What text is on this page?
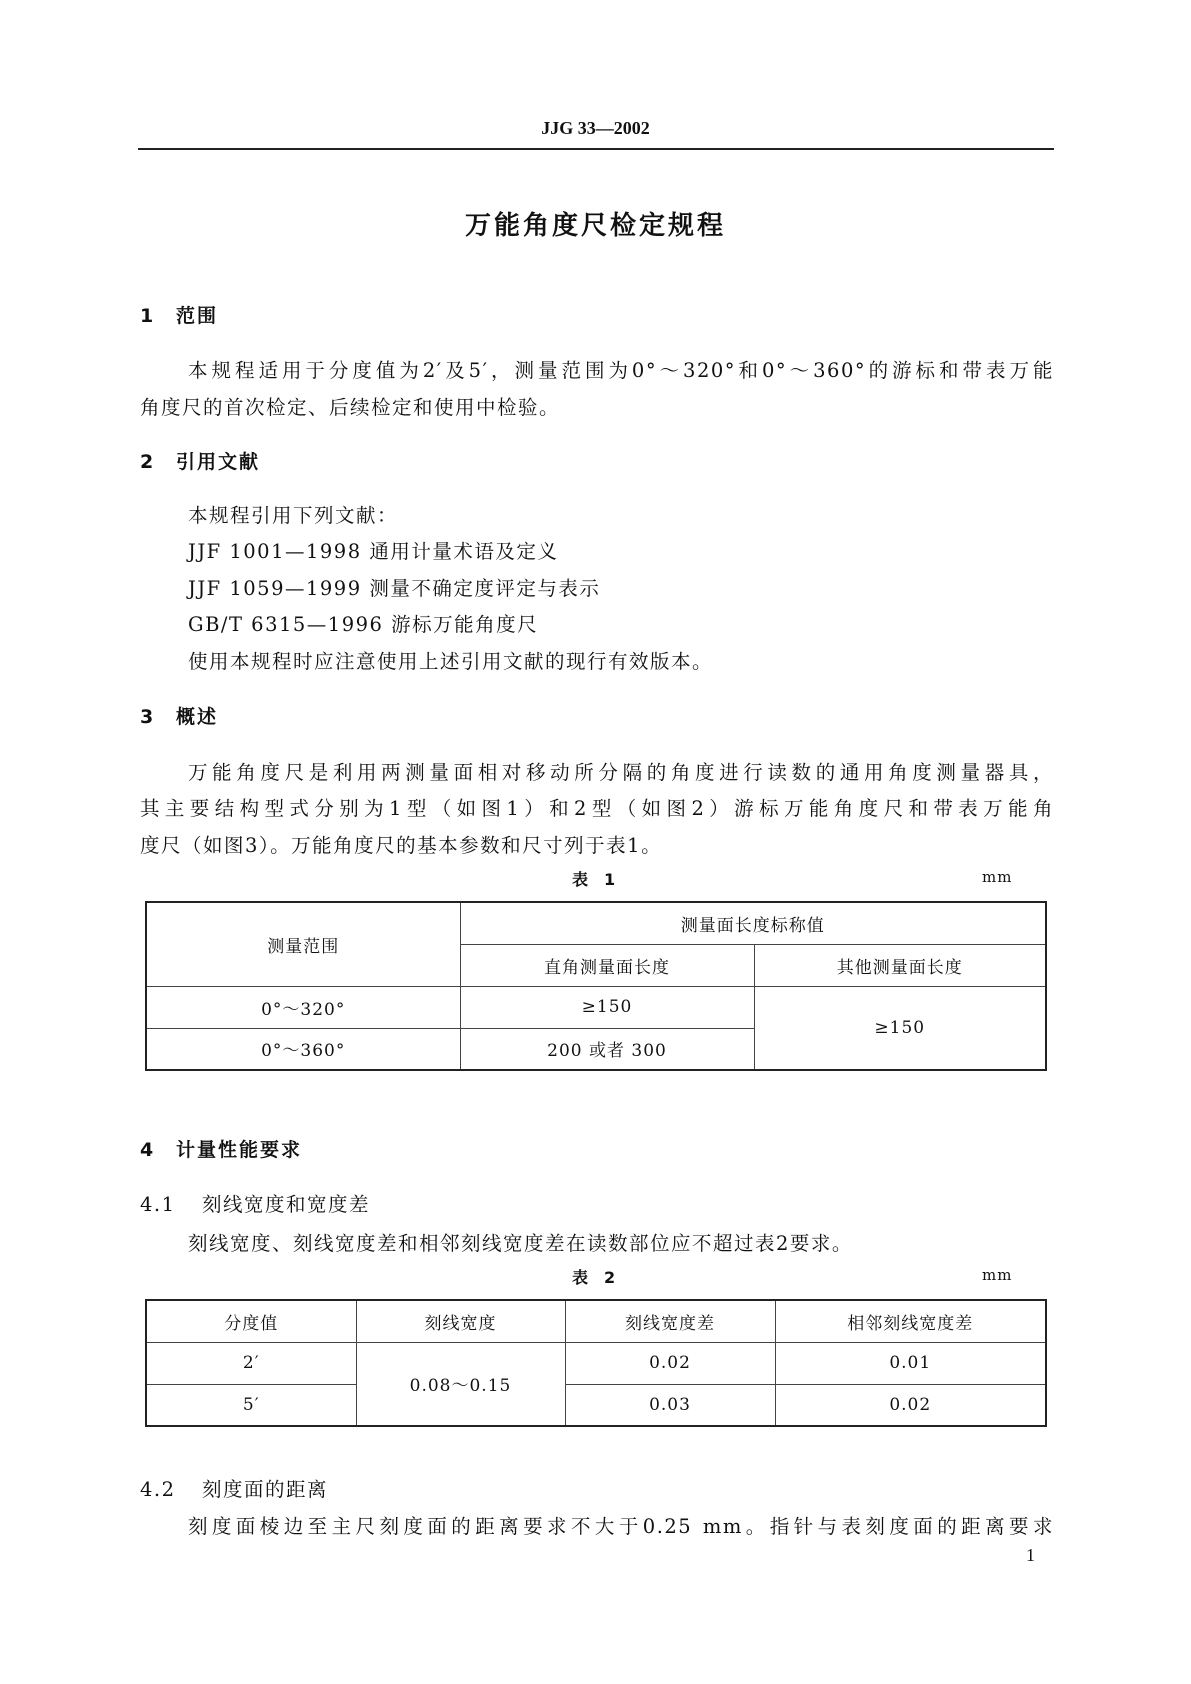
JJG 33—2002
万能角度尺检定规程
1 范围
本规程适用于分度值为2′及5′，测量范围为0°～320°和0°～360°的游标和带表万能
角度尺的首次检定、后续检定和使用中检验。
2 引用文献
本规程引用下列文献：
JJF 1001—1998 通用计量术语及定义
JJF 1059—1999 测量不确定度评定与表示
GB/T 6315—1996 游标万能角度尺
使用本规程时应注意使用上述引用文献的现行有效版本。
3 概述
万能角度尺是利用两测量面相对移动所分隔的角度进行读数的通用角度测量器具，
其主要结构型式分别为1型（如图1）和2型（如图2）游标万能角度尺和带表万能角
度尺（如图3）。万能角度尺的基本参数和尺寸列于表1。
表　1	mm
测量范围	测量面长度标称值	
	直角测量面长度	其他测量面长度
0°～320°	≥150	≥150
0°～360°	200 或者 300	
4 计量性能要求
4.1 刻线宽度和宽度差
刻线宽度、刻线宽度差和相邻刻线宽度差在读数部位应不超过表2要求。
表　2	mm
分度值	刻线宽度	刻线宽度差	相邻刻线宽度差
2′	0.08～0.15	0.02	0.01
5′		0.03	0.02
4.2 刻度面的距离
刻度面棱边至主尺刻度面的距离要求不大于0.25 mm。指针与表刻度面的距离要求
1
